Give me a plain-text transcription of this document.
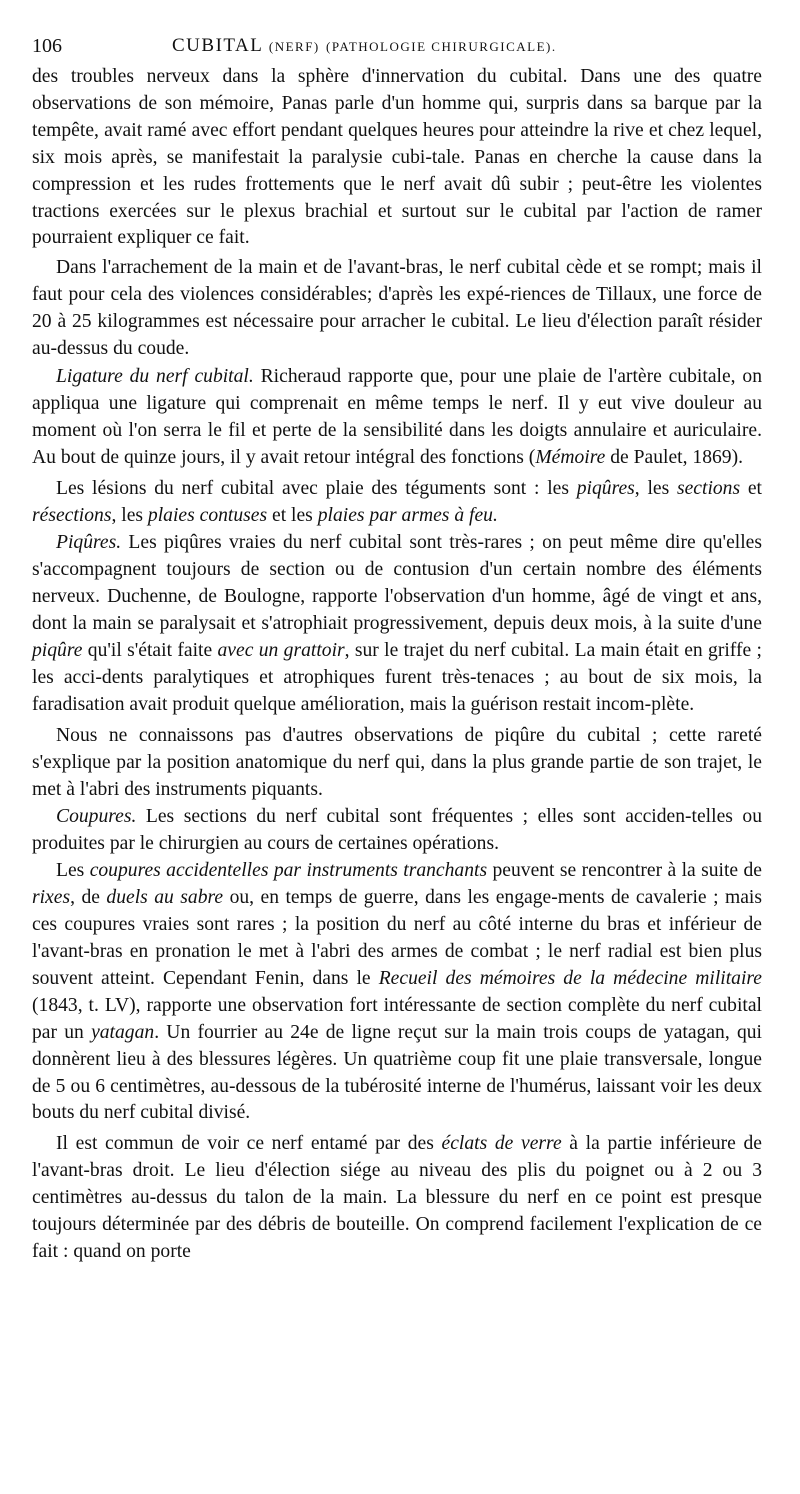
106	CUBITAL (NERF) (PATHOLOGIE CHIRURGICALE).

des troubles nerveux dans la sphère d'innervation du cubital. Dans une des quatre observations de son mémoire, Panas parle d'un homme qui, surpris dans sa barque par la tempête, avait ramé avec effort pendant quelques heures pour atteindre la rive et chez lequel, six mois après, se manifestait la paralysie cubi-tale. Panas en cherche la cause dans la compression et les rudes frottements que le nerf avait dû subir ; peut-être les violentes tractions exercées sur le plexus brachial et surtout sur le cubital par l'action de ramer pourraient expliquer ce fait.

Dans l'arrachement de la main et de l'avant-bras, le nerf cubital cède et se rompt; mais il faut pour cela des violences considérables; d'après les expé-riences de Tillaux, une force de 20 à 25 kilogrammes est nécessaire pour arracher le cubital. Le lieu d'élection paraît résider au-dessus du coude.

Ligature du nerf cubital. Richeraud rapporte que, pour une plaie de l'artère cubitale, on appliqua une ligature qui comprenait en même temps le nerf. Il y eut vive douleur au moment où l'on serra le fil et perte de la sensibilité dans les doigts annulaire et auriculaire. Au bout de quinze jours, il y avait retour intégral des fonctions (Mémoire de Paulet, 1869).

Les lésions du nerf cubital avec plaie des téguments sont : les piqûres, les sections et résections, les plaies contuses et les plaies par armes à feu.

Piqûres. Les piqûres vraies du nerf cubital sont très-rares ; on peut même dire qu'elles s'accompagnent toujours de section ou de contusion d'un certain nombre des éléments nerveux. Duchenne, de Boulogne, rapporte l'observation d'un homme, âgé de vingt et ans, dont la main se paralysait et s'atrophiait progressivement, depuis deux mois, à la suite d'une piqûre qu'il s'était faite avec un grattoir, sur le trajet du nerf cubital. La main était en griffe ; les acci-dents paralytiques et atrophiques furent très-tenaces ; au bout de six mois, la faradisation avait produit quelque amélioration, mais la guérison restait incom-plète.

Nous ne connaissons pas d'autres observations de piqûre du cubital ; cette rareté s'explique par la position anatomique du nerf qui, dans la plus grande partie de son trajet, le met à l'abri des instruments piquants.

Coupures. Les sections du nerf cubital sont fréquentes ; elles sont acciden-telles ou produites par le chirurgien au cours de certaines opérations.

Les coupures accidentelles par instruments tranchants peuvent se rencontrer à la suite de rixes, de duels au sabre ou, en temps de guerre, dans les engage-ments de cavalerie ; mais ces coupures vraies sont rares ; la position du nerf au côté interne du bras et inférieur de l'avant-bras en pronation le met à l'abri des armes de combat ; le nerf radial est bien plus souvent atteint. Cependant Fenin, dans le Recueil des mémoires de la médecine militaire (1843, t. LV), rapporte une observation fort intéressante de section complète du nerf cubital par un yatagan. Un fourrier au 24e de ligne reçut sur la main trois coups de yatagan, qui donnèrent lieu à des blessures légères. Un quatrième coup fit une plaie transversale, longue de 5 ou 6 centimètres, au-dessous de la tubérosité interne de l'humérus, laissant voir les deux bouts du nerf cubital divisé.

Il est commun de voir ce nerf entamé par des éclats de verre à la partie inférieure de l'avant-bras droit. Le lieu d'élection siége au niveau des plis du poignet ou à 2 ou 3 centimètres au-dessus du talon de la main. La blessure du nerf en ce point est presque toujours déterminée par des débris de bouteille. On comprend facilement l'explication de ce fait : quand on porte
